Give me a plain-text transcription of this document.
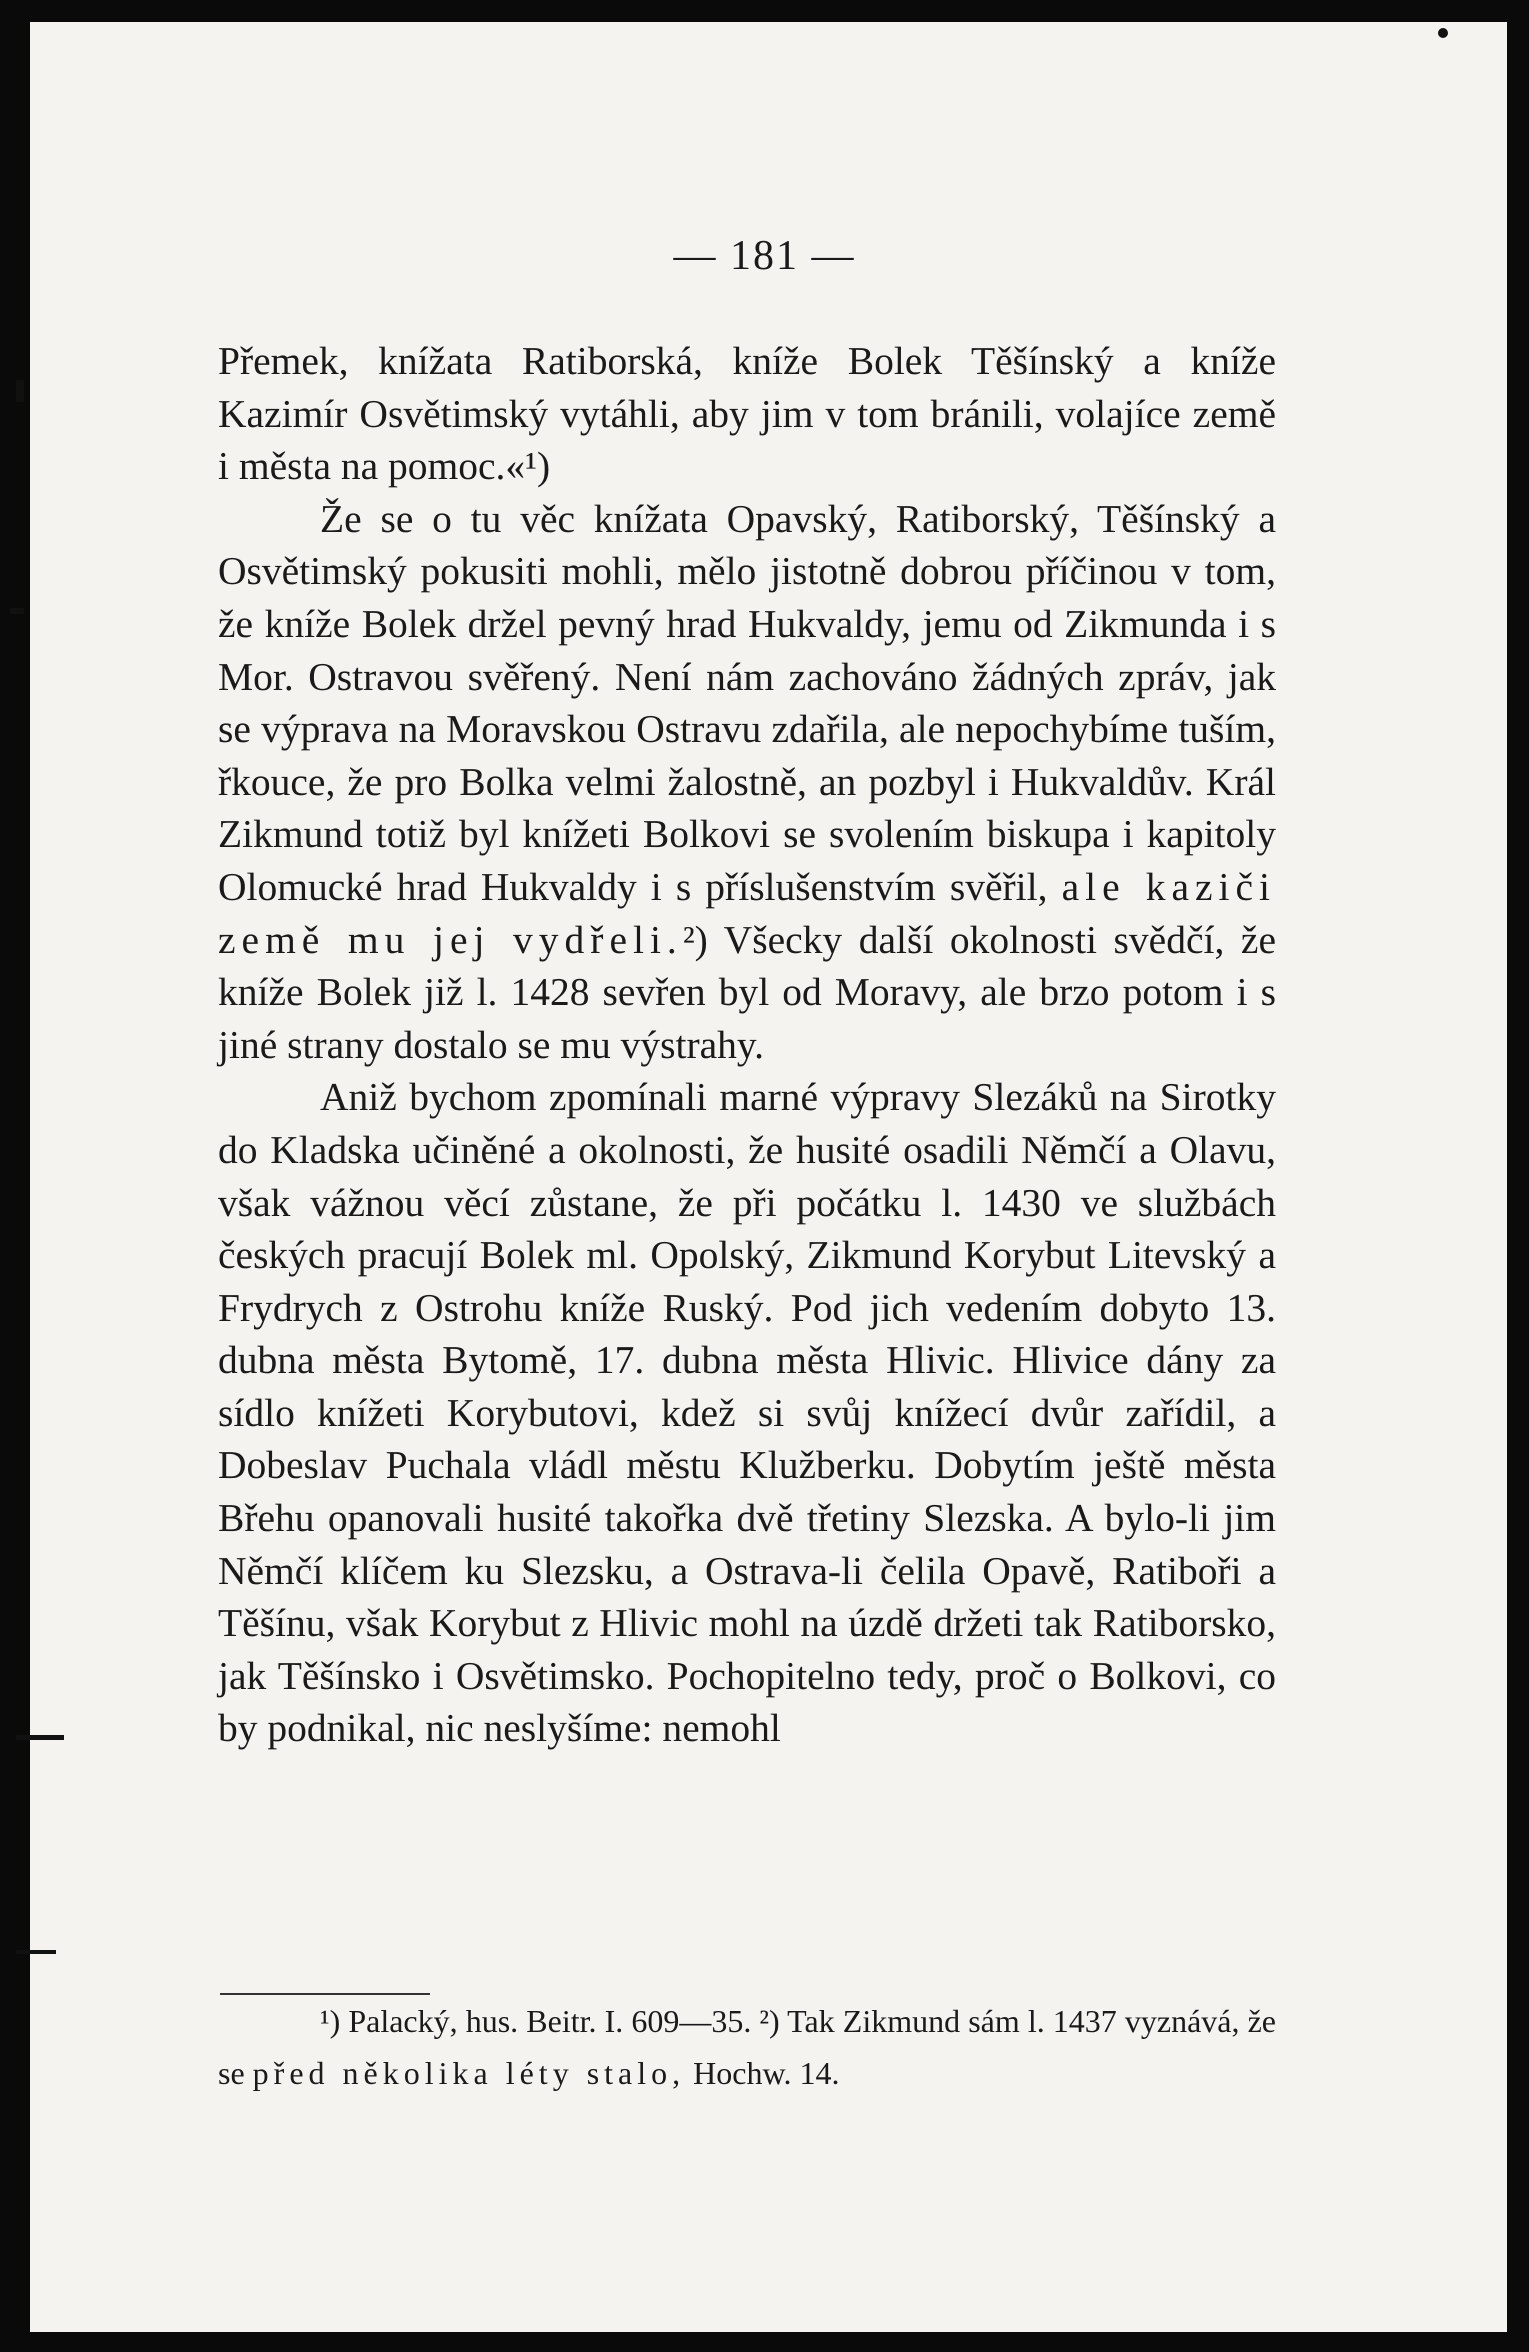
— 181 —

Přemek, knížata Ratiborská, kníže Bolek Těšínský a kníže Kazimír Osvětimský vytáhli, aby jim v tom bránili, volajíce země i města na pomoc.«¹)

Že se o tu věc knížata Opavský, Ratiborský, Těšínský a Osvětimský pokusiti mohli, mělo jistotně dobrou příčinou v tom, že kníže Bolek držel pevný hrad Hukvaldy, jemu od Zikmunda i s Mor. Ostravou svěřený. Není nám zachováno žádných zpráv, jak se výprava na Moravskou Ostravu zdařila, ale nepochybíme tuším, řkouce, že pro Bolka velmi žalostně, an pozbyl i Hukvaldův. Král Zikmund totiž byl knížeti Bolkovi se svolením biskupa i kapitoly Olomucké hrad Hukvaldy i s příslušenstvím svěřil, ale kaziči země mu jej vydřeli.²) Všecky další okolnosti svědčí, že kníže Bolek již l. 1428 sevřen byl od Moravy, ale brzo potom i s jiné strany dostalo se mu výstrahy.

Aniž bychom zpomínali marné výpravy Slezáků na Sirotky do Kladska učiněné a okolnosti, že husité osadili Němčí a Olavu, však vážnou věcí zůstane, že při počátku l. 1430 ve službách českých pracují Bolek ml. Opolský, Zikmund Korybut Litevský a Frydrych z Ostrohu kníže Ruský. Pod jich vedením dobyto 13. dubna města Bytomě, 17. dubna města Hlivic. Hlivice dány za sídlo knížeti Korybutovi, kdež si svůj knížecí dvůr zařídil, a Dobeslav Puchala vládl městu Klužberku. Dobytím ještě města Břehu opanovali husité takořka dvě třetiny Slezska. A bylo-li jim Němčí klíčem ku Slezsku, a Ostrava-li čelila Opavě, Ratiboři a Těšínu, však Korybut z Hlivic mohl na úzdě držeti tak Ratiborsko, jak Těšínsko i Osvětimsko. Pochopitelno tedy, proč o Bolkovi, co by podnikal, nic neslyšíme: nemohl

¹) Palacký, hus. Beitr. I. 609—35. ²) Tak Zikmund sám l. 1437 vyznává, že se před několika léty stalo, Hochw. 14.
